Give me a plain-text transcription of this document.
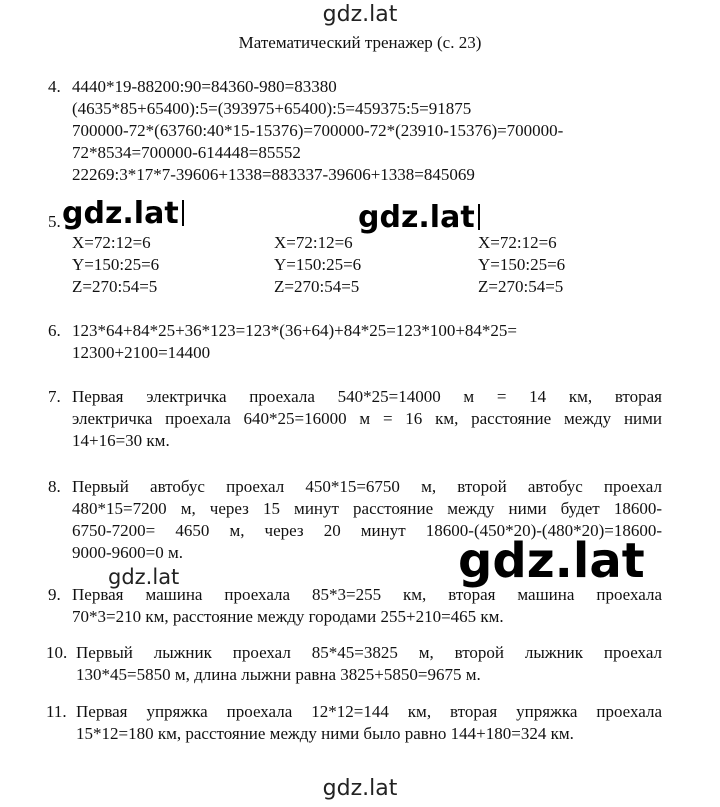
gdz.lat
gdz.lat	gdz.lat
gdz.lat
gdz.lat
gdz.lat
Математический тренажер (с. 23)
4. 4440*19-88200:90=84360-980=83380
(4635*85+65400):5=(393975+65400):5=459375:5=91875
700000-72*(63760:40*15-15376)=700000-72*(23910-15376)=700000-
72*8534=700000-614448=85552
22269:3*17*7-39606+1338=883337-39606+1338=845069
5.
X=72:12=6
Y=150:25=6
Z=270:54=5
X=72:12=6
Y=150:25=6
Z=270:54=5
X=72:12=6
Y=150:25=6
Z=270:54=5
6. 123*64+84*25+36*123=123*(36+64)+84*25=123*100+84*25=
12300+2100=14400
7. Первая электричка проехала 540*25=14000 м = 14 км, вторая
электричка проехала 640*25=16000 м = 16 км, расстояние между ними
14+16=30 км.
8. Первый автобус проехал 450*15=6750 м, второй автобус проехал
480*15=7200 м, через 15 минут расстояние между ними будет 18600-
6750-7200= 4650 м, через 20 минут 18600-(450*20)-(480*20)=18600-
9000-9600=0 м.
9. Первая машина проехала 85*3=255 км, вторая машина проехала
70*3=210 км, расстояние между городами 255+210=465 км.
10. Первый лыжник проехал 85*45=3825 м, второй лыжник проехал
130*45=5850 м, длина лыжни равна 3825+5850=9675 м.
11. Первая упряжка проехала 12*12=144 км, вторая упряжка проехала
15*12=180 км, расстояние между ними было равно 144+180=324 км.
